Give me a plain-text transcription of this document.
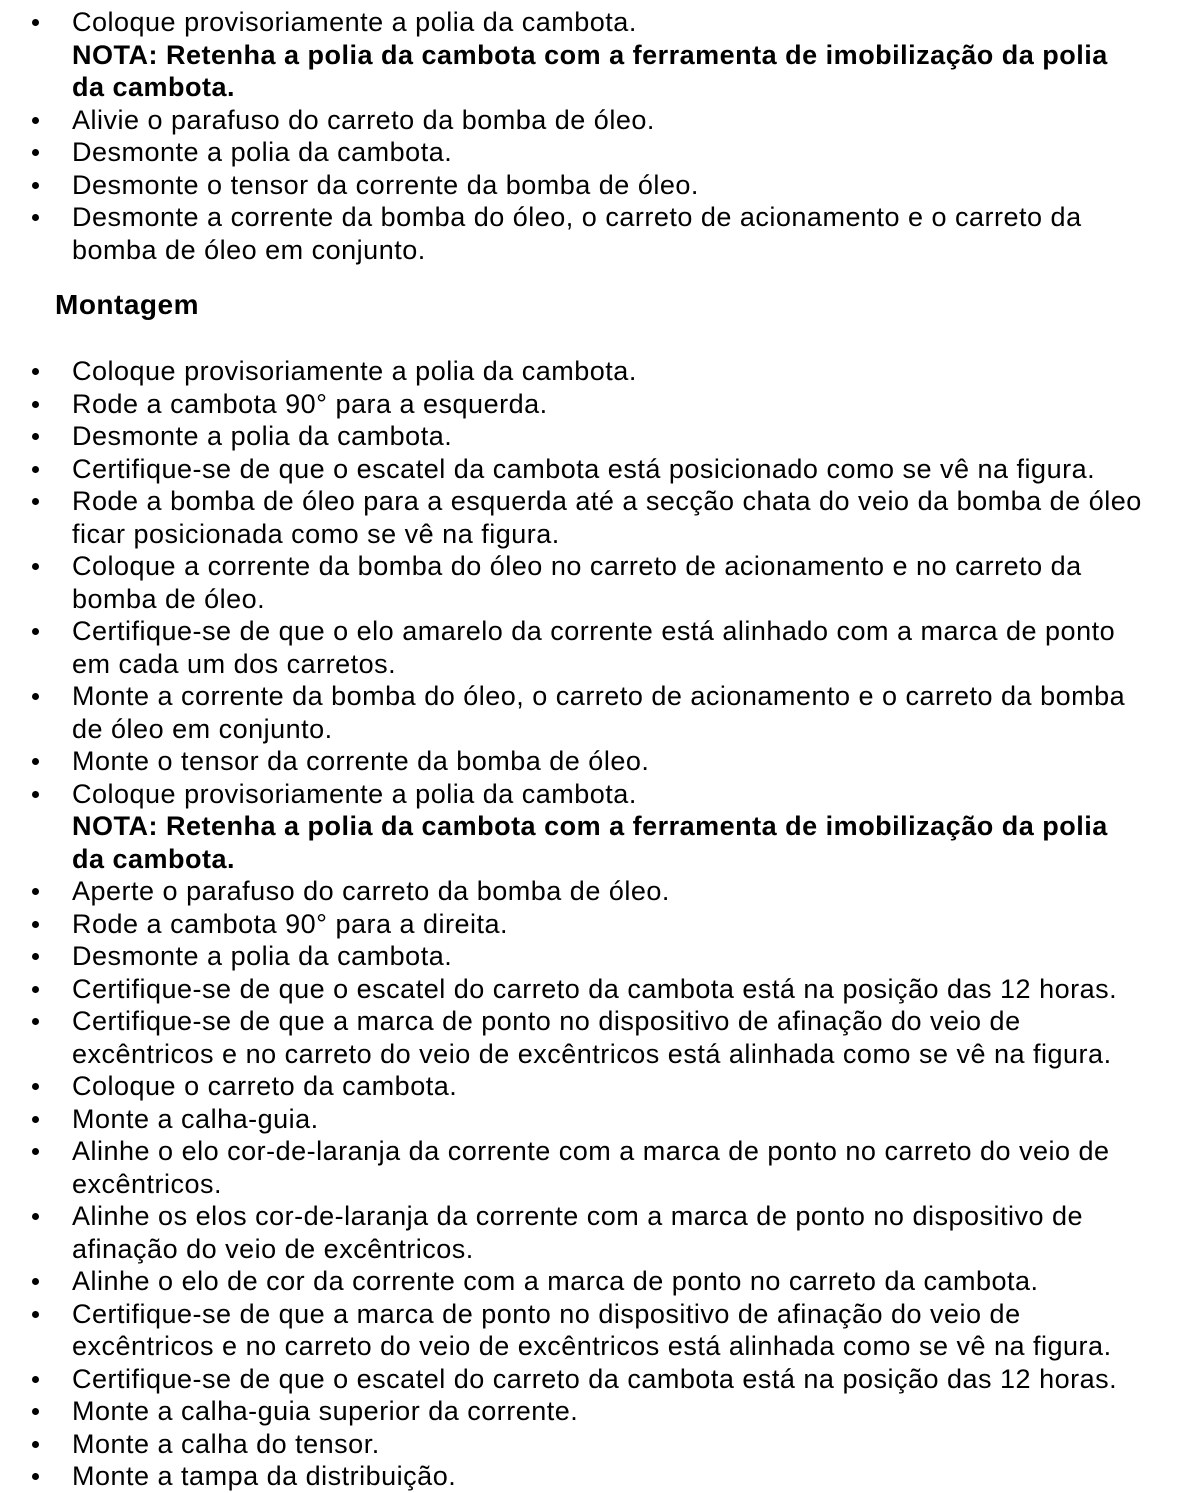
Coloque provisoriamente a polia da cambota.
NOTA: Retenha a polia da cambota com a ferramenta de imobilização da polia da cambota.
Alivie o parafuso do carreto da bomba de óleo.
Desmonte a polia da cambota.
Desmonte o tensor da corrente da bomba de óleo.
Desmonte a corrente da bomba do óleo, o carreto de acionamento e o carreto da bomba de óleo em conjunto.
Montagem
Coloque provisoriamente a polia da cambota.
Rode a cambota 90° para a esquerda.
Desmonte a polia da cambota.
Certifique-se de que o escatel da cambota está posicionado como se vê na figura.
Rode a bomba de óleo para a esquerda até a secção chata do veio da bomba de óleo ficar posicionada como se vê na figura.
Coloque a corrente da bomba do óleo no carreto de acionamento e no carreto da bomba de óleo.
Certifique-se de que o elo amarelo da corrente está alinhado com a marca de ponto em cada um dos carretos.
Monte a corrente da bomba do óleo, o carreto de acionamento e o carreto da bomba de óleo em conjunto.
Monte o tensor da corrente da bomba de óleo.
Coloque provisoriamente a polia da cambota.
NOTA: Retenha a polia da cambota com a ferramenta de imobilização da polia da cambota.
Aperte o parafuso do carreto da bomba de óleo.
Rode a cambota 90° para a direita.
Desmonte a polia da cambota.
Certifique-se de que o escatel do carreto da cambota está na posição das 12 horas.
Certifique-se de que a marca de ponto no dispositivo de afinação do veio de excêntricos e no carreto do veio de excêntricos está alinhada como se vê na figura.
Coloque o carreto da cambota.
Monte a calha-guia.
Alinhe o elo cor-de-laranja da corrente com a marca de ponto no carreto do veio de excêntricos.
Alinhe os elos cor-de-laranja da corrente com a marca de ponto no dispositivo de afinação do veio de excêntricos.
Alinhe o elo de cor da corrente com a marca de ponto no carreto da cambota.
Certifique-se de que a marca de ponto no dispositivo de afinação do veio de excêntricos e no carreto do veio de excêntricos está alinhada como se vê na figura.
Certifique-se de que o escatel do carreto da cambota está na posição das 12 horas.
Monte a calha-guia superior da corrente.
Monte a calha do tensor.
Monte a tampa da distribuição.
